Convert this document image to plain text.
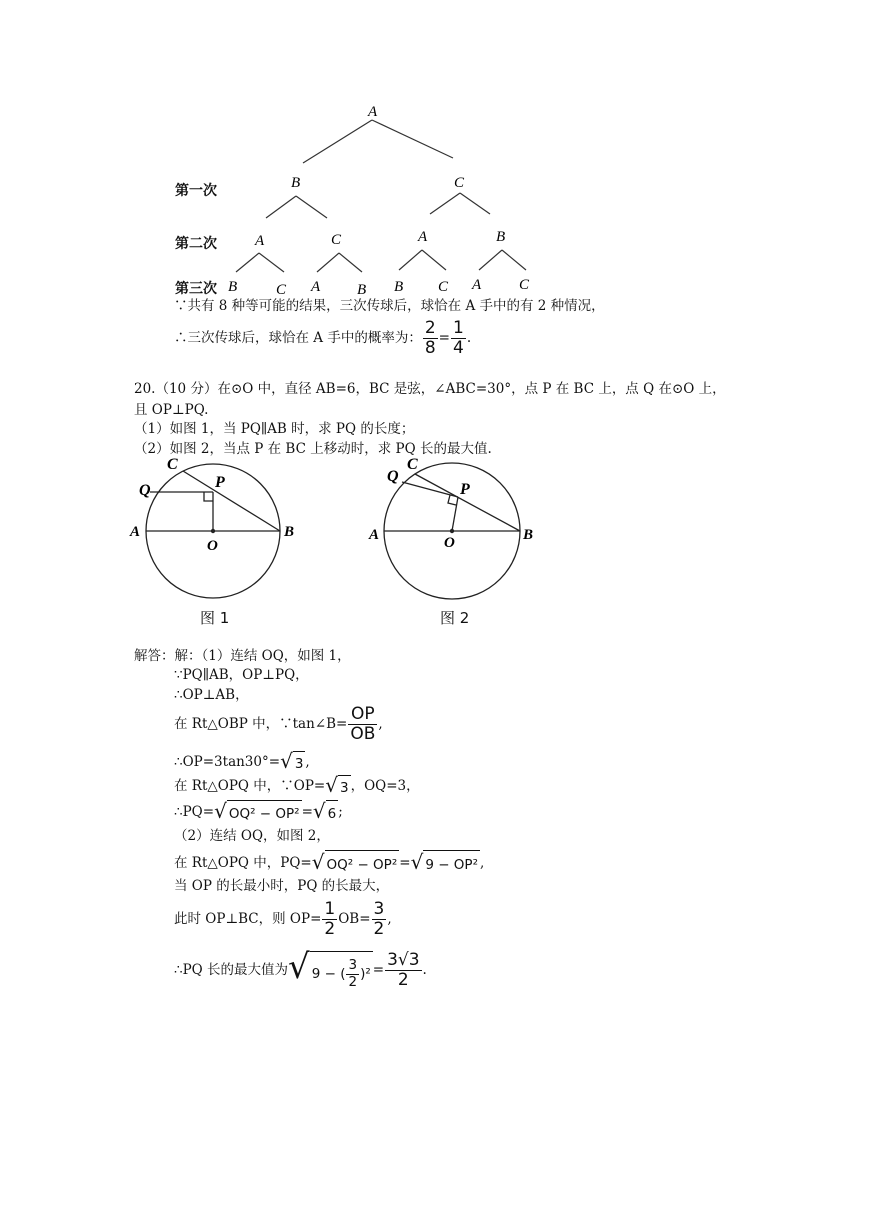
A
B	C
A	C	A	B
B	C A B B C A	C
第一次
第二次
第三次
∵共有 8 种等可能的结果，三次传球后，球恰在 A 手中的有 2 种情况，
∴三次传球后，球恰在 A 手中的概率为： $\frac{2}{8} = \frac{1}{4}$ .
20.（10 分）在⊙O 中，直径 AB=6，BC 是弦，∠ABC=30°，点 P 在 BC 上，点 Q 在⊙O 上，
且 OP⊥PQ.
（1）如图 1，当 PQ∥AB 时，求 PQ 的长度；
（2）如图 2，当点 P 在 BC 上移动时，求 PQ 长的最大值.
C
Q	P
A
O
B
图 1
Q
C
P
A	O	B
图 2
解答：解：（1）连结 OQ，如图 1，
∵PQ∥AB，OP⊥PQ，
∴OP⊥AB，
在 Rt△OBP 中，∵tan∠B= $\frac{OP}{OB}$ ,
∴OP=3tan30°=√ 3 ,
在 Rt△OPQ 中，∵OP=√ 3 ，OQ=3，
∴PQ=√ OQ² − OP² =√ 6 ;
（2）连结 OQ，如图 2，
在 Rt△OPQ 中，PQ=√ OQ² − OP² =√ 9 − OP² ,
当 OP 的长最小时，PQ 的长最大，
此时 OP⊥BC，则 $OP= \frac{1}{2} OB= \frac{3}{2}$ ,
∴PQ 长的最大值为√ 9 − ( $\frac{3}{2} )^2 = \frac{3√3}{2}$ .
